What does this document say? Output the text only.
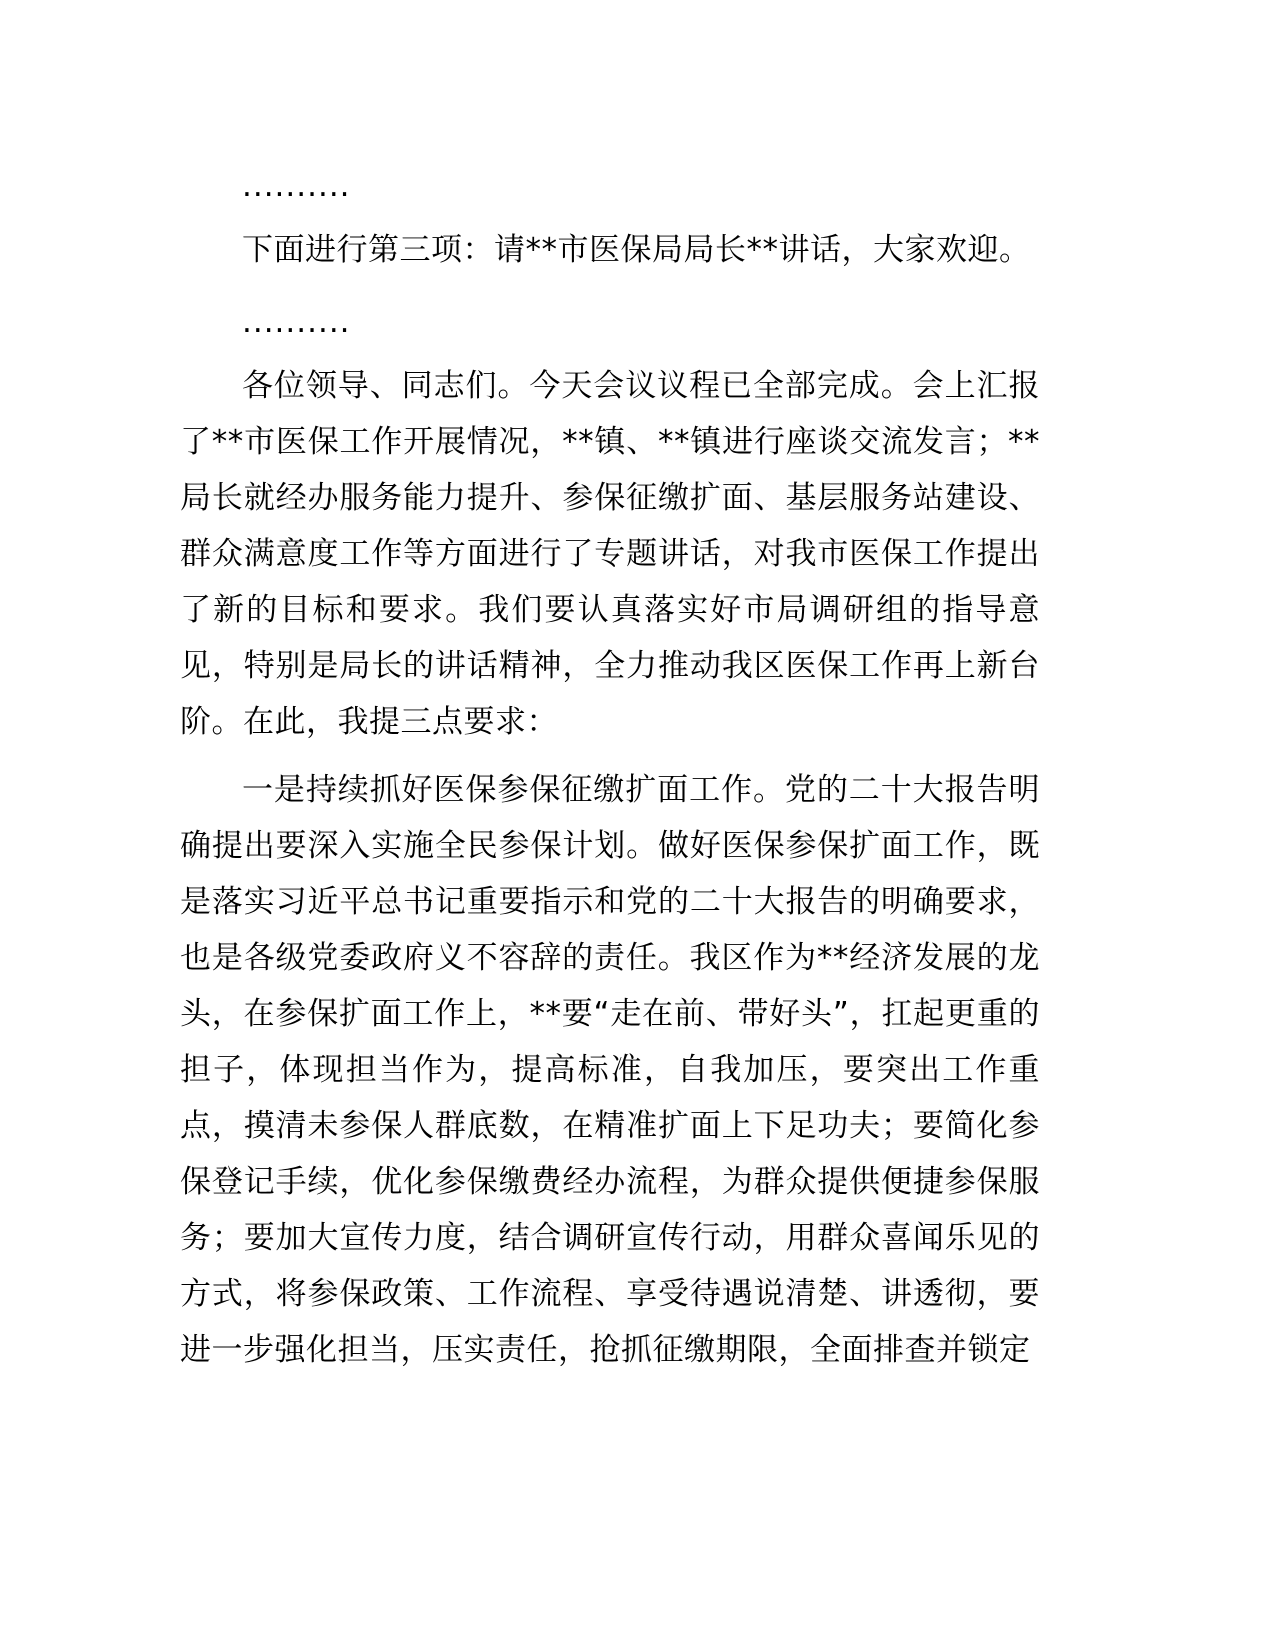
..........

下面进行第三项：请**市医保局局长**讲话，大家欢迎。

..........

各位领导、同志们。今天会议议程已全部完成。会上汇报了**市医保工作开展情况，**镇、**镇进行座谈交流发言；**局长就经办服务能力提升、参保征缴扩面、基层服务站建设、群众满意度工作等方面进行了专题讲话，对我市医保工作提出了新的目标和要求。我们要认真落实好市局调研组的指导意见，特别是局长的讲话精神，全力推动我区医保工作再上新台阶。在此，我提三点要求：

一是持续抓好医保参保征缴扩面工作。党的二十大报告明确提出要深入实施全民参保计划。做好医保参保扩面工作，既是落实习近平总书记重要指示和党的二十大报告的明确要求，也是各级党委政府义不容辞的责任。我区作为**经济发展的龙头，在参保扩面工作上，**要“走在前、带好头”，扛起更重的担子，体现担当作为，提高标准，自我加压，要突出工作重点，摸清未参保人群底数，在精准扩面上下足功夫；要简化参保登记手续，优化参保缴费经办流程，为群众提供便捷参保服务；要加大宣传力度，结合调研宣传行动，用群众喜闻乐见的方式，将参保政策、工作流程、享受待遇说清楚、讲透彻，要进一步强化担当，压实责任，抢抓征缴期限，全面排查并锁定
